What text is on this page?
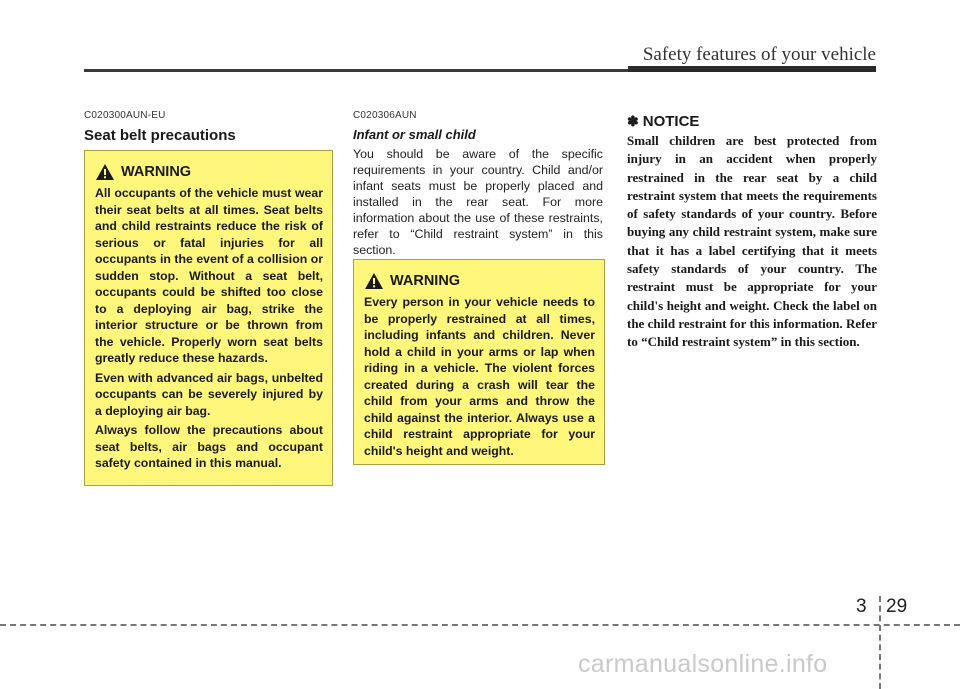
Safety features of your vehicle
C020300AUN-EU
Seat belt precautions
WARNING

All occupants of the vehicle must wear their seat belts at all times. Seat belts and child restraints reduce the risk of serious or fatal injuries for all occupants in the event of a collision or sudden stop. Without a seat belt, occupants could be shifted too close to a deploying air bag, strike the interior structure or be thrown from the vehicle. Properly worn seat belts greatly reduce these hazards.

Even with advanced air bags, unbelted occupants can be severely injured by a deploying air bag.

Always follow the precautions about seat belts, air bags and occupant safety contained in this manual.

C020306AUN
Infant or small child
You should be aware of the specific requirements in your country. Child and/or infant seats must be properly placed and installed in the rear seat. For more information about the use of these restraints, refer to “Child restraint system” in this section.
WARNING

Every person in your vehicle needs to be properly restrained at all times, including infants and children. Never hold a child in your arms or lap when riding in a vehicle. The violent forces created during a crash will tear the child from your arms and throw the child against the interior. Always use a child restraint appropriate for your child's height and weight.

✽ NOTICE
Small children are best protected from injury in an accident when properly restrained in the rear seat by a child restraint system that meets the requirements of safety standards of your country. Before buying any child restraint system, make sure that it has a label certifying that it meets safety standards of your country. The restraint must be appropriate for your child's height and weight. Check the label on the child restraint for this information. Refer to “Child restraint system” in this section.
3 29
carmanualsonline.info
